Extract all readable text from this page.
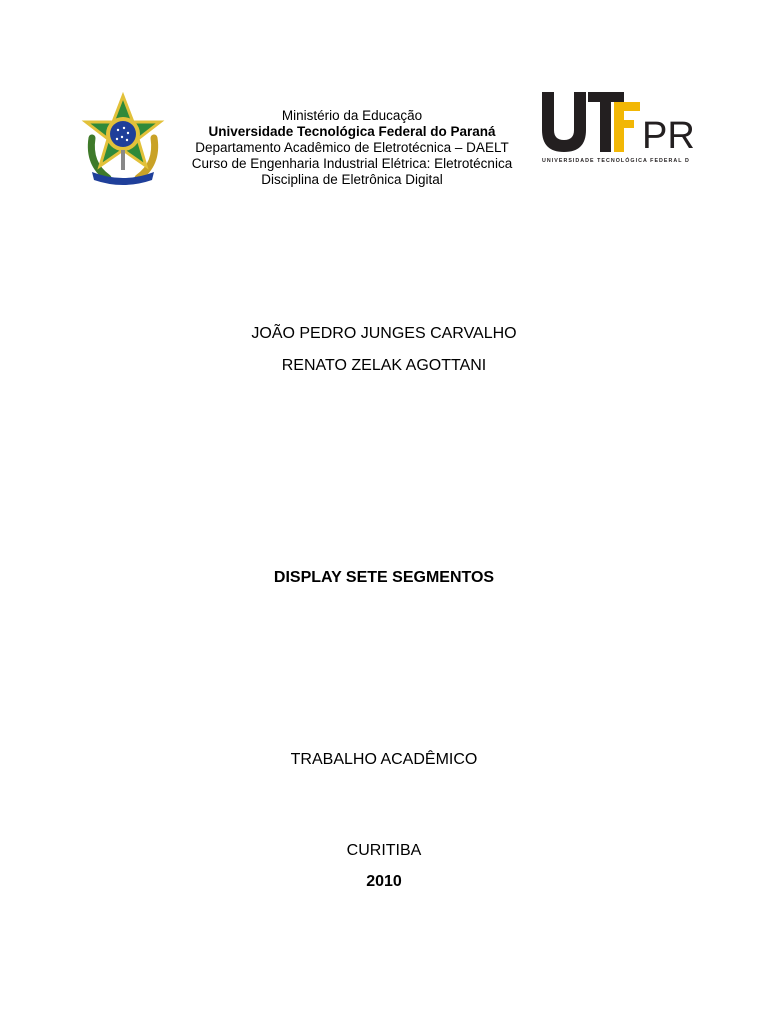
Ministério da Educação
Universidade Tecnológica Federal do Paraná
Departamento Acadêmico de Eletrotécnica – DAELT
Curso de Engenharia Industrial Elétrica: Eletrotécnica
Disciplina de Eletrônica Digital
PR
UNIVERSIDADE TECNOLÓGICA FEDERAL D
JOÃO PEDRO JUNGES CARVALHO
RENATO ZELAK AGOTTANI
DISPLAY SETE SEGMENTOS
TRABALHO ACADÊMICO
CURITIBA
2010
